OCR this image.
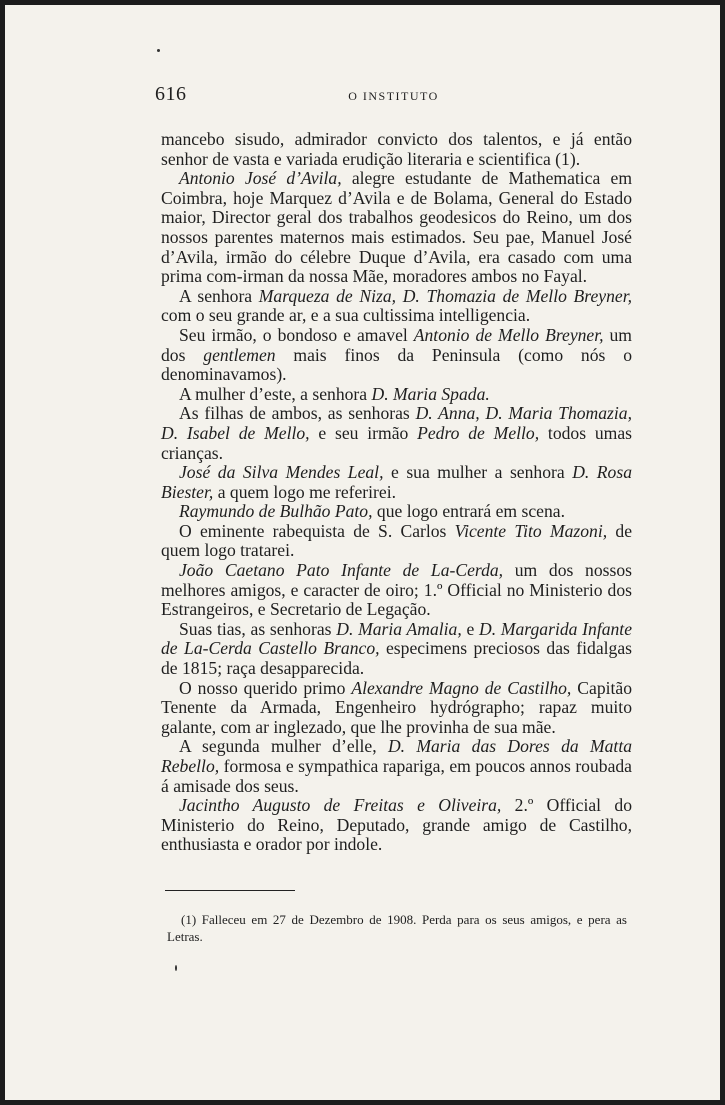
616	O INSTITUTO

mancebo sisudo, admirador convicto dos talentos, e já então senhor de vasta e variada erudição literaria e scientifica (1).

Antonio José d’Avila, alegre estudante de Mathematica em Coimbra, hoje Marquez d’Avila e de Bolama, General do Estado maior, Director geral dos trabalhos geodesicos do Reino, um dos nossos parentes maternos mais estimados. Seu pae, Manuel José d’Avila, irmão do célebre Duque d’Avila, era casado com uma prima com-irman da nossa Mãe, moradores ambos no Fayal.

A senhora Marqueza de Niza, D. Thomazia de Mello Breyner, com o seu grande ar, e a sua cultissima intelligencia.

Seu irmão, o bondoso e amavel Antonio de Mello Breyner, um dos gentlemen mais finos da Peninsula (como nós o denominavamos).

A mulher d’este, a senhora D. Maria Spada.

As filhas de ambos, as senhoras D. Anna, D. Maria Thomazia, D. Isabel de Mello, e seu irmão Pedro de Mello, todos umas crianças.

José da Silva Mendes Leal, e sua mulher a senhora D. Rosa Biester, a quem logo me referirei.

Raymundo de Bulhão Pato, que logo entrará em scena.

O eminente rabequista de S. Carlos Vicente Tito Mazoni, de quem logo tratarei.

João Caetano Pato Infante de La-Cerda, um dos nossos melhores amigos, e caracter de oiro; 1.º Official no Ministerio dos Estrangeiros, e Secretario de Legação.

Suas tias, as senhoras D. Maria Amalia, e D. Margarida Infante de La-Cerda Castello Branco, especimens preciosos das fidalgas de 1815; raça desapparecida.

O nosso querido primo Alexandre Magno de Castilho, Capitão Tenente da Armada, Engenheiro hydrógrapho; rapaz muito galante, com ar inglezado, que lhe provinha de sua mãe.

A segunda mulher d’elle, D. Maria das Dores da Matta Rebello, formosa e sympathica rapariga, em poucos annos roubada á amisade dos seus.

Jacintho Augusto de Freitas e Oliveira, 2.º Official do Ministerio do Reino, Deputado, grande amigo de Castilho, enthusiasta e orador por indole.

(1) Falleceu em 27 de Dezembro de 1908. Perda para os seus amigos, e pera as Letras.
